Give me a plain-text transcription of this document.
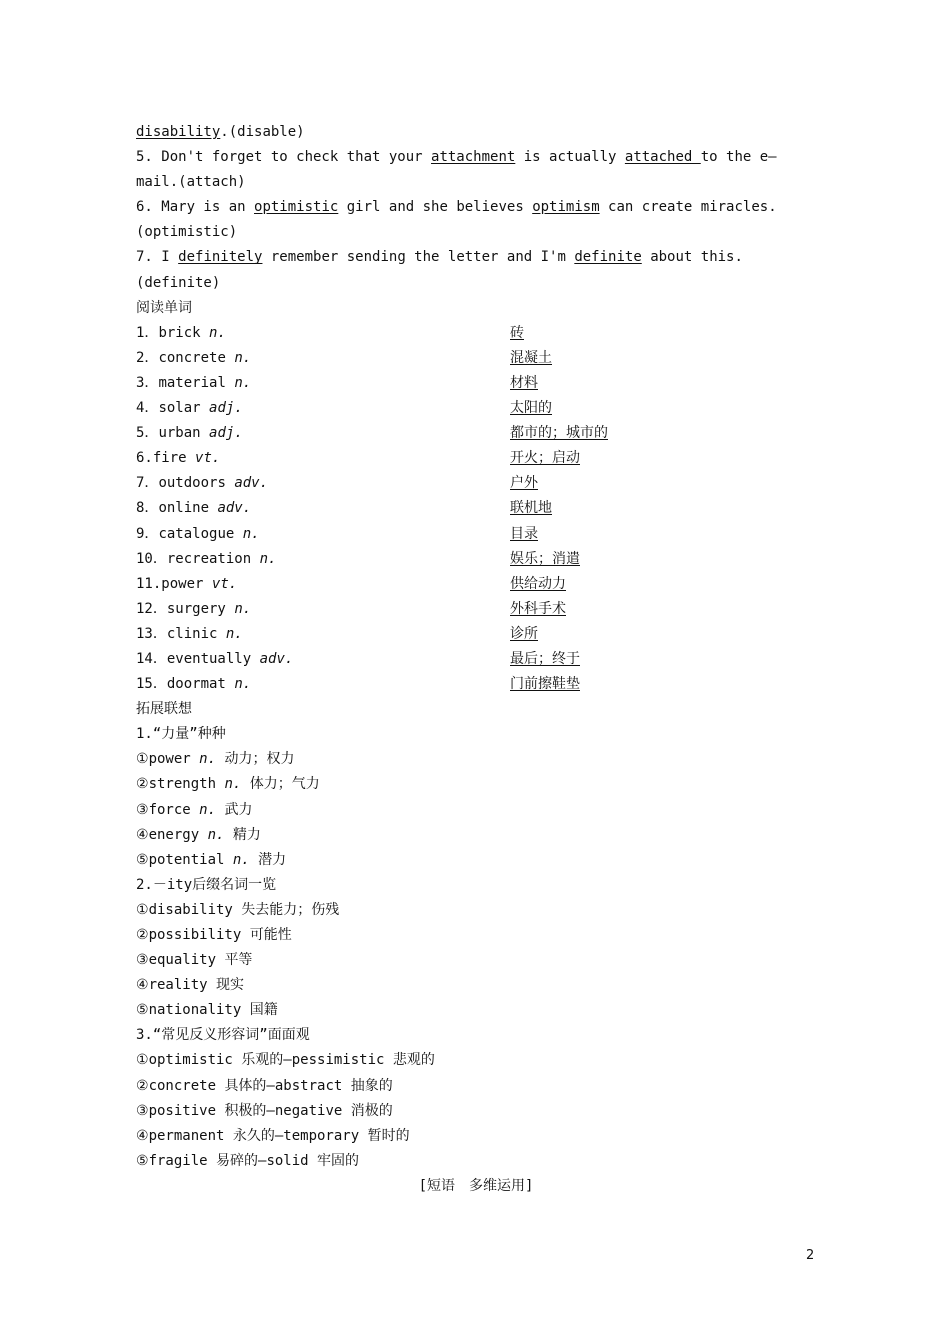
disability.(disable)
5. Don't forget to check that your attachment is actually attached to the e—
mail.(attach)
6. Mary is an optimistic girl and she believes optimism can create miracles.
(optimistic)
7. I definitely remember sending the letter and I'm definite about this.
(definite)
阅读单词
1．brick n.	砖
2．concrete n.	混凝土
3．material n.	材料
4．solar adj.	太阳的
5．urban adj.	都市的；城市的
6.fire vt.	开火；启动
7．outdoors adv.	户外
8．online adv.	联机地
9．catalogue n.	目录
10．recreation n.	娱乐；消遣
11.power vt.	供给动力
12．surgery n.	外科手术
13．clinic n.	诊所
14．eventually adv.	最后；终于
15．doormat n.	门前擦鞋垫
拓展联想
1.“力量”种种
①power n. 动力；权力
②strength n. 体力；气力
③force n. 武力
④energy n. 精力
⑤potential n. 潜力
2.－ity后缀名词一览
①disability 失去能力；伤残
②possibility 可能性
③equality 平等
④reality 现实
⑤nationality 国籍
3.“常见反义形容词”面面观
①optimistic 乐观的—pessimistic 悲观的
②concrete 具体的—abstract 抽象的
③positive 积极的—negative 消极的
④permanent 永久的—temporary 暂时的
⑤fragile 易碎的—solid 牢固的
[短语　多维运用]
2
